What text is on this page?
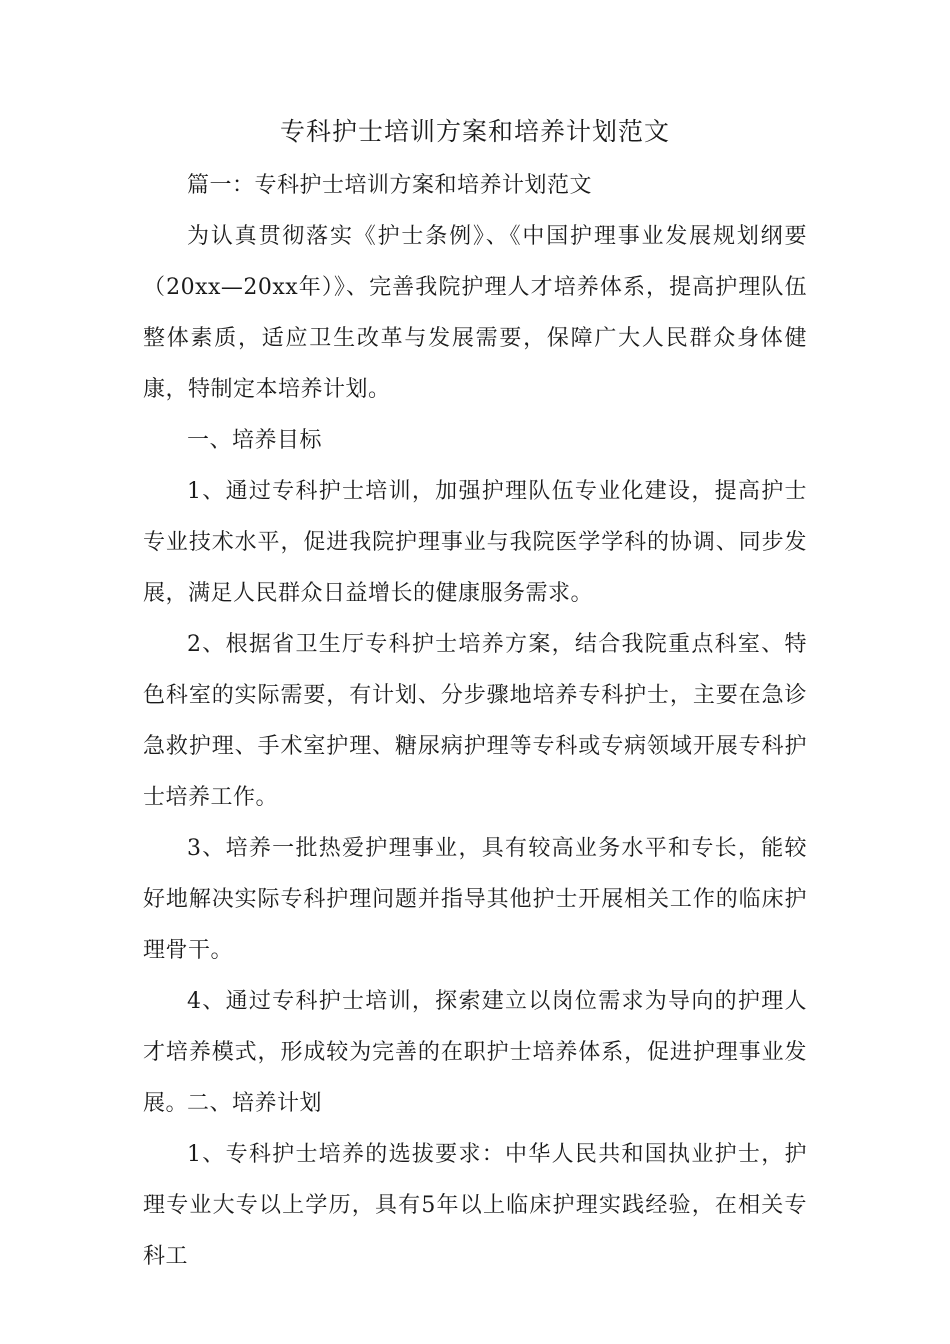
专科护士培训方案和培养计划范文

篇一：专科护士培训方案和培养计划范文

为认真贯彻落实《护士条例》、《中国护理事业发展规划纲要（20xx—20xx年）》、完善我院护理人才培养体系，提高护理队伍整体素质，适应卫生改革与发展需要，保障广大人民群众身体健康，特制定本培养计划。

一、培养目标

1、通过专科护士培训，加强护理队伍专业化建设，提高护士专业技术水平，促进我院护理事业与我院医学学科的协调、同步发展，满足人民群众日益增长的健康服务需求。

2、根据省卫生厅专科护士培养方案，结合我院重点科室、特色科室的实际需要，有计划、分步骤地培养专科护士，主要在急诊急救护理、手术室护理、糖尿病护理等专科或专病领域开展专科护士培养工作。

3、培养一批热爱护理事业，具有较高业务水平和专长，能较好地解决实际专科护理问题并指导其他护士开展相关工作的临床护理骨干。

4、通过专科护士培训，探索建立以岗位需求为导向的护理人才培养模式，形成较为完善的在职护士培养体系，促进护理事业发展。

二、培养计划

1、专科护士培养的选拔要求：中华人民共和国执业护士，护理专业大专以上学历，具有5年以上临床护理实践经验，在相关专科工
